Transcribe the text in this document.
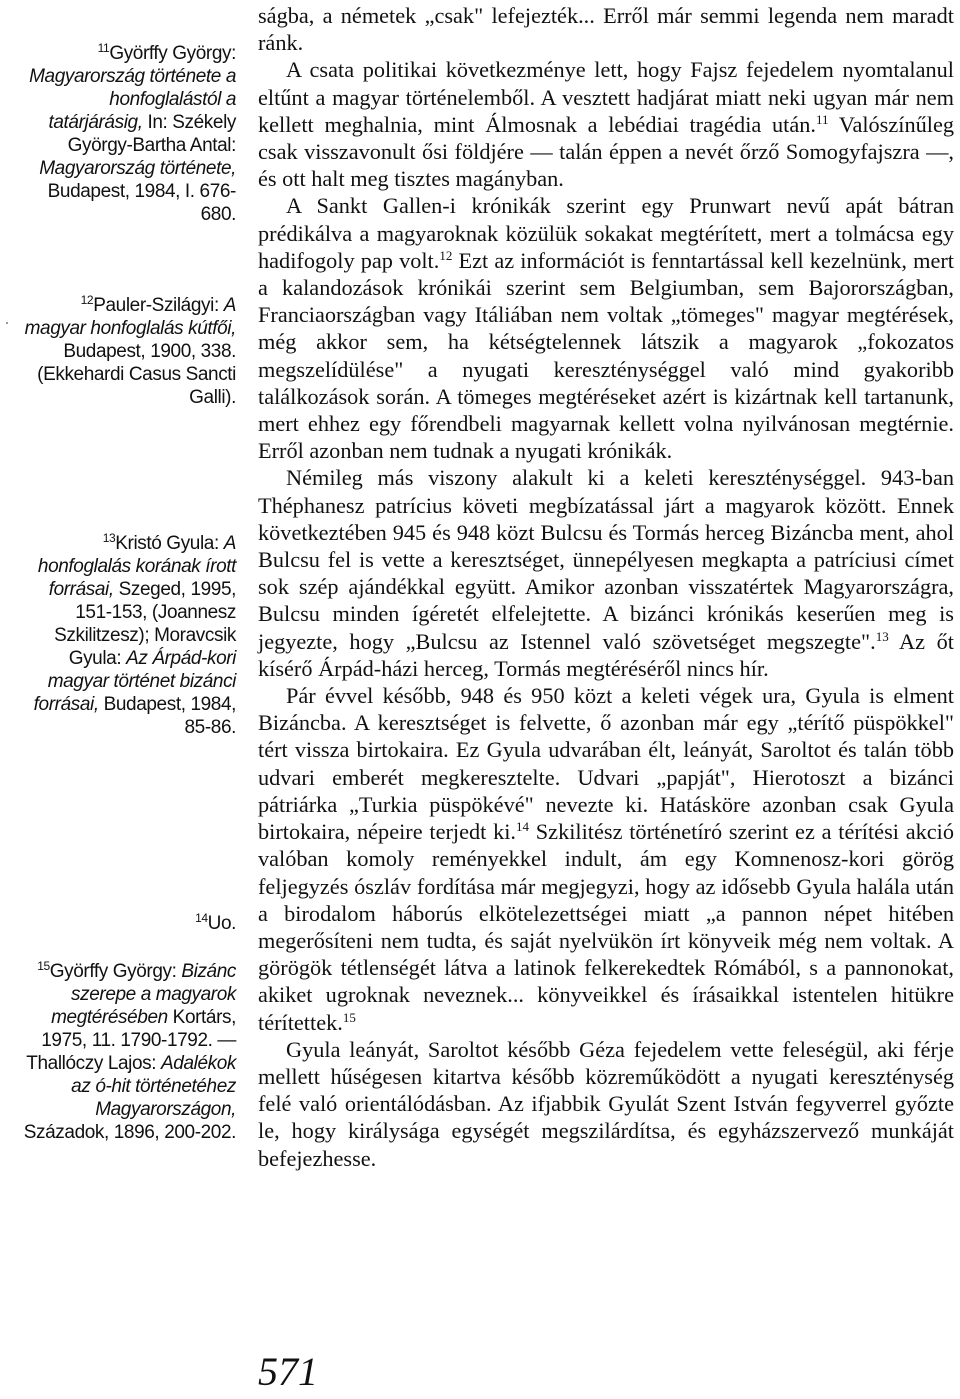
$^{11}$Györffy György: Magyarország története a honfoglalástól a tatárjárásig, In: Székely György-Bartha Antal: Magyarország története, Budapest, 1984, I. 676-680.
$^{12}$Pauler-Szilágyi: A magyar honfoglalás kútfői, Budapest, 1900, 338. (Ekkehardi Casus Sancti Galli).
$^{13}$Kristó Gyula: A honfoglalás korának írott forrásai, Szeged, 1995, 151-153, (Joannesz Szkilitzesz); Moravcsik Gyula: Az Árpád-kori magyar történet bizánci forrásai, Budapest, 1984, 85-86.
$^{14}$Uo.
$^{15}$Györffy György: Bizánc szerepe a magyarok megtérésében Kortárs, 1975, 11. 1790-1792. — Thallóczy Lajos: Adalékok az ó-hit történetéhez Magyarországon, Századok, 1896, 200-202.

ságba, a németek „csak" lefejezték... Erről már semmi legenda nem maradt ránk.

A csata politikai következménye lett, hogy Fajsz fejedelem nyomtalanul eltűnt a magyar történelemből. A vesztett hadjárat miatt neki ugyan már nem kellett meghalnia, mint Álmosnak a lebédiai tragédia után.$^{11}$ Valószínűleg csak visszavonult ősi földjére — talán éppen a nevét őrző Somogyfajszra —, és ott halt meg tisztes magányban.

A Sankt Gallen-i krónikák szerint egy Prunwart nevű apát bátran prédikálva a magyaroknak közülük sokakat megtérített, mert a tolmácsa egy hadifogoly pap volt.$^{12}$ Ezt az információt is fenntartással kell kezelnünk, mert a kalandozások krónikái szerint sem Belgiumban, sem Bajorországban, Franciaországban vagy Itáliában nem voltak „tömeges" magyar megtérések, még akkor sem, ha kétségtelennek látszik a magyarok „fokozatos megszelídülése" a nyugati kereszténységgel való mind gyakoribb találkozások során. A tömeges megtéréseket azért is kizártnak kell tartanunk, mert ehhez egy főrendbeli magyarnak kellett volna nyilvánosan megtérnie. Erről azonban nem tudnak a nyugati krónikák.

Némileg más viszony alakult ki a keleti kereszténységgel. 943-ban Théphanesz patrícius követi megbízatással járt a magyarok között. Ennek következtében 945 és 948 közt Bulcsu és Tormás herceg Bizáncba ment, ahol Bulcsu fel is vette a keresztséget, ünnepélyesen megkapta a patríciusi címet sok szép ajándékkal együtt. Amikor azonban visszatértek Magyarországra, Bulcsu minden ígéretét elfelejtette. A bizánci krónikás keserűen meg is jegyezte, hogy „Bulcsu az Istennel való szövetséget megszegte".$^{13}$ Az őt kísérő Árpád-házi herceg, Tormás megtéréséről nincs hír.

Pár évvel később, 948 és 950 közt a keleti végek ura, Gyula is elment Bizáncba. A keresztséget is felvette, ő azonban már egy „térítő püspökkel" tért vissza birtokaira. Ez Gyula udvarában élt, leányát, Saroltot és talán több udvari emberét megkeresztelte. Udvari „papját", Hierotoszt a bizánci pátriárka „Turkia püspökévé" nevezte ki. Hatásköre azonban csak Gyula birtokaira, népeire terjedt ki.$^{14}$ Szkilitész történetíró szerint ez a térítési akció valóban komoly reményekkel indult, ám egy Komnenosz-kori görög feljegyzés ószláv fordítása már megjegyzi, hogy az idősebb Gyula halála után a birodalom háborús elkötelezettségei miatt „a pannon népet hitében megerősíteni nem tudta, és saját nyelvükön írt könyveik még nem voltak. A görögök tétlenségét látva a latinok felkerekedtek Rómából, s a pannonokat, akiket ugroknak neveznek... könyveikkel és írásaikkal istentelen hitükre térítettek.$^{15}$

Gyula leányát, Saroltot később Géza fejedelem vette feleségül, aki férje mellett hűségesen kitartva később közreműködött a nyugati kereszténység felé való orientálódásban. Az ifjabbik Gyulát Szent István fegyverrel győzte le, hogy királysága egységét megszilárdítsa, és egyházszervező munkáját befejezhesse.

571
